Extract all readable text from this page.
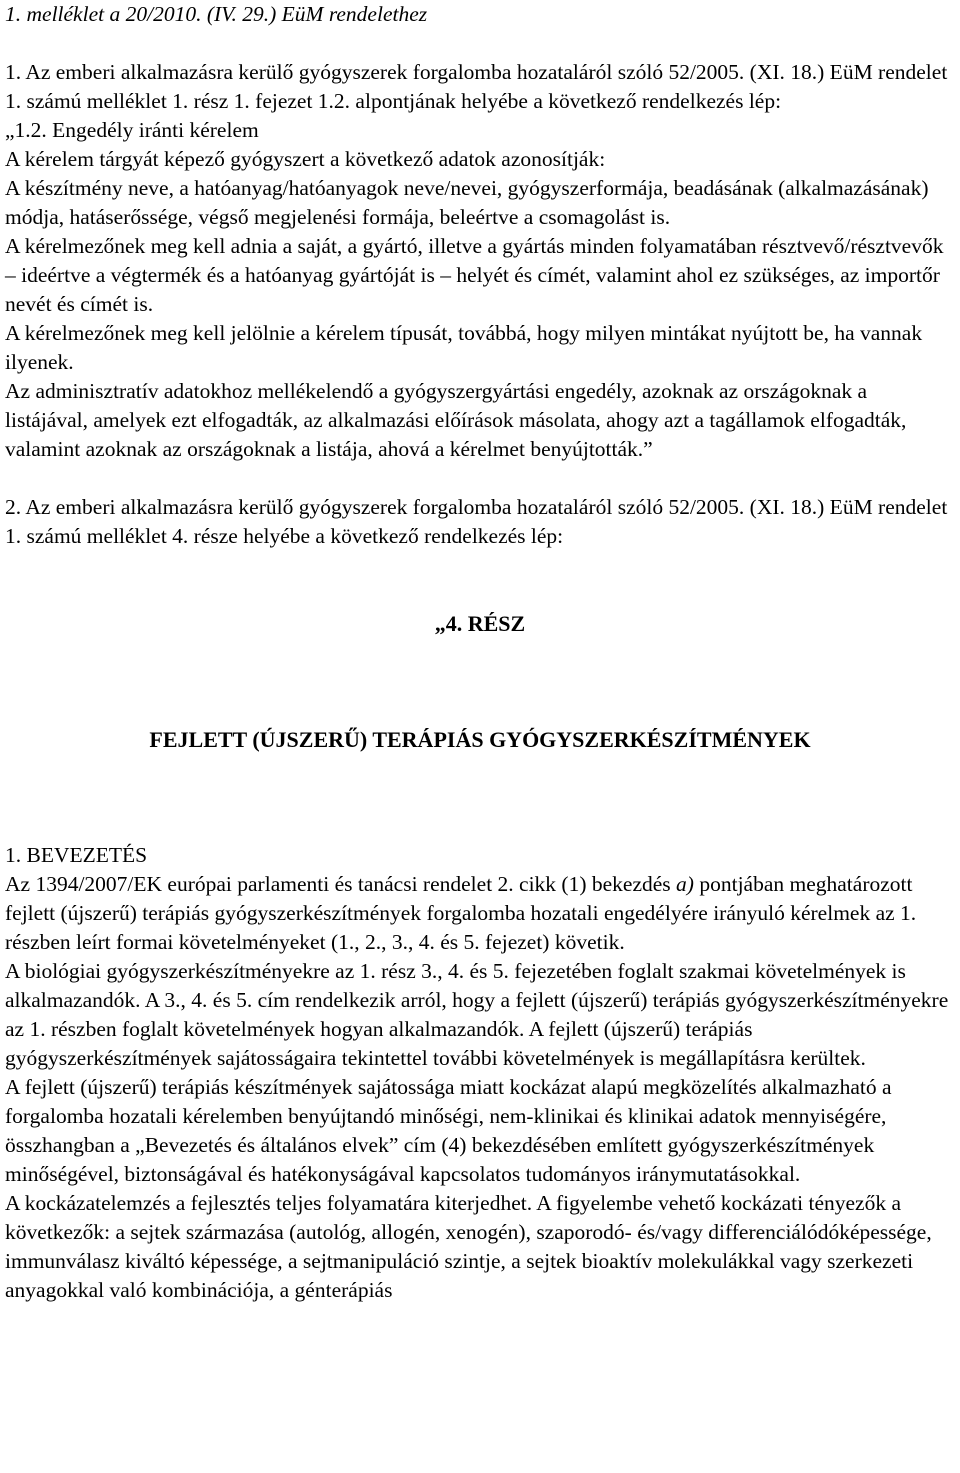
1. melléklet a 20/2010. (IV. 29.) EüM rendelethez

1. Az emberi alkalmazásra kerülő gyógyszerek forgalomba hozataláról szóló 52/2005. (XI. 18.) EüM rendelet 1. számú melléklet 1. rész 1. fejezet 1.2. alpontjának helyébe a következő rendelkezés lép:

„1.2. Engedély iránti kérelem

A kérelem tárgyát képező gyógyszert a következő adatok azonosítják:

A készítmény neve, a hatóanyag/hatóanyagok neve/nevei, gyógyszerformája, beadásának (alkalmazásának) módja, hatáserőssége, végső megjelenési formája, beleértve a csomagolást is.

A kérelmezőnek meg kell adnia a saját, a gyártó, illetve a gyártás minden folyamatában résztvevő/résztvevők – ideértve a végtermék és a hatóanyag gyártóját is – helyét és címét, valamint ahol ez szükséges, az importőr nevét és címét is.

A kérelmezőnek meg kell jelölnie a kérelem típusát, továbbá, hogy milyen mintákat nyújtott be, ha vannak ilyenek.

Az adminisztratív adatokhoz mellékelendő a gyógyszergyártási engedély, azoknak az országoknak a listájával, amelyek ezt elfogadták, az alkalmazási előírások másolata, ahogy azt a tagállamok elfogadták, valamint azoknak az országoknak a listája, ahová a kérelmet benyújtották.”

2. Az emberi alkalmazásra kerülő gyógyszerek forgalomba hozataláról szóló 52/2005. (XI. 18.) EüM rendelet 1. számú melléklet 4. része helyébe a következő rendelkezés lép:

„4. RÉSZ

FEJLETT (ÚJSZERŰ) TERÁPIÁS GYÓGYSZERKÉSZÍTMÉNYEK

1. BEVEZETÉS

Az 1394/2007/EK európai parlamenti és tanácsi rendelet 2. cikk (1) bekezdés a) pontjában meghatározott fejlett (újszerű) terápiás gyógyszerkészítmények forgalomba hozatali engedélyére irányuló kérelmek az 1. részben leírt formai követelményeket (1., 2., 3., 4. és 5. fejezet) követik.

A biológiai gyógyszerkészítményekre az 1. rész 3., 4. és 5. fejezetében foglalt szakmai követelmények is alkalmazandók. A 3., 4. és 5. cím rendelkezik arról, hogy a fejlett (újszerű) terápiás gyógyszerkészítményekre az 1. részben foglalt követelmények hogyan alkalmazandók. A fejlett (újszerű) terápiás gyógyszerkészítmények sajátosságaira tekintettel további követelmények is megállapításra kerültek.

A fejlett (újszerű) terápiás készítmények sajátossága miatt kockázat alapú megközelítés alkalmazható a forgalomba hozatali kérelemben benyújtandó minőségi, nem-klinikai és klinikai adatok mennyiségére, összhangban a „Bevezetés és általános elvek” cím (4) bekezdésében említett gyógyszerkészítmények minőségével, biztonságával és hatékonyságával kapcsolatos tudományos iránymutatásokkal.

A kockázatelemzés a fejlesztés teljes folyamatára kiterjedhet. A figyelembe vehető kockázati tényezők a következők: a sejtek származása (autológ, allogén, xenogén), szaporodó- és/vagy differenciálódóképessége, immunválasz kiváltó képessége, a sejtmanipuláció szintje, a sejtek bioaktív molekulákkal vagy szerkezeti anyagokkal való kombinációja, a génterápiás
